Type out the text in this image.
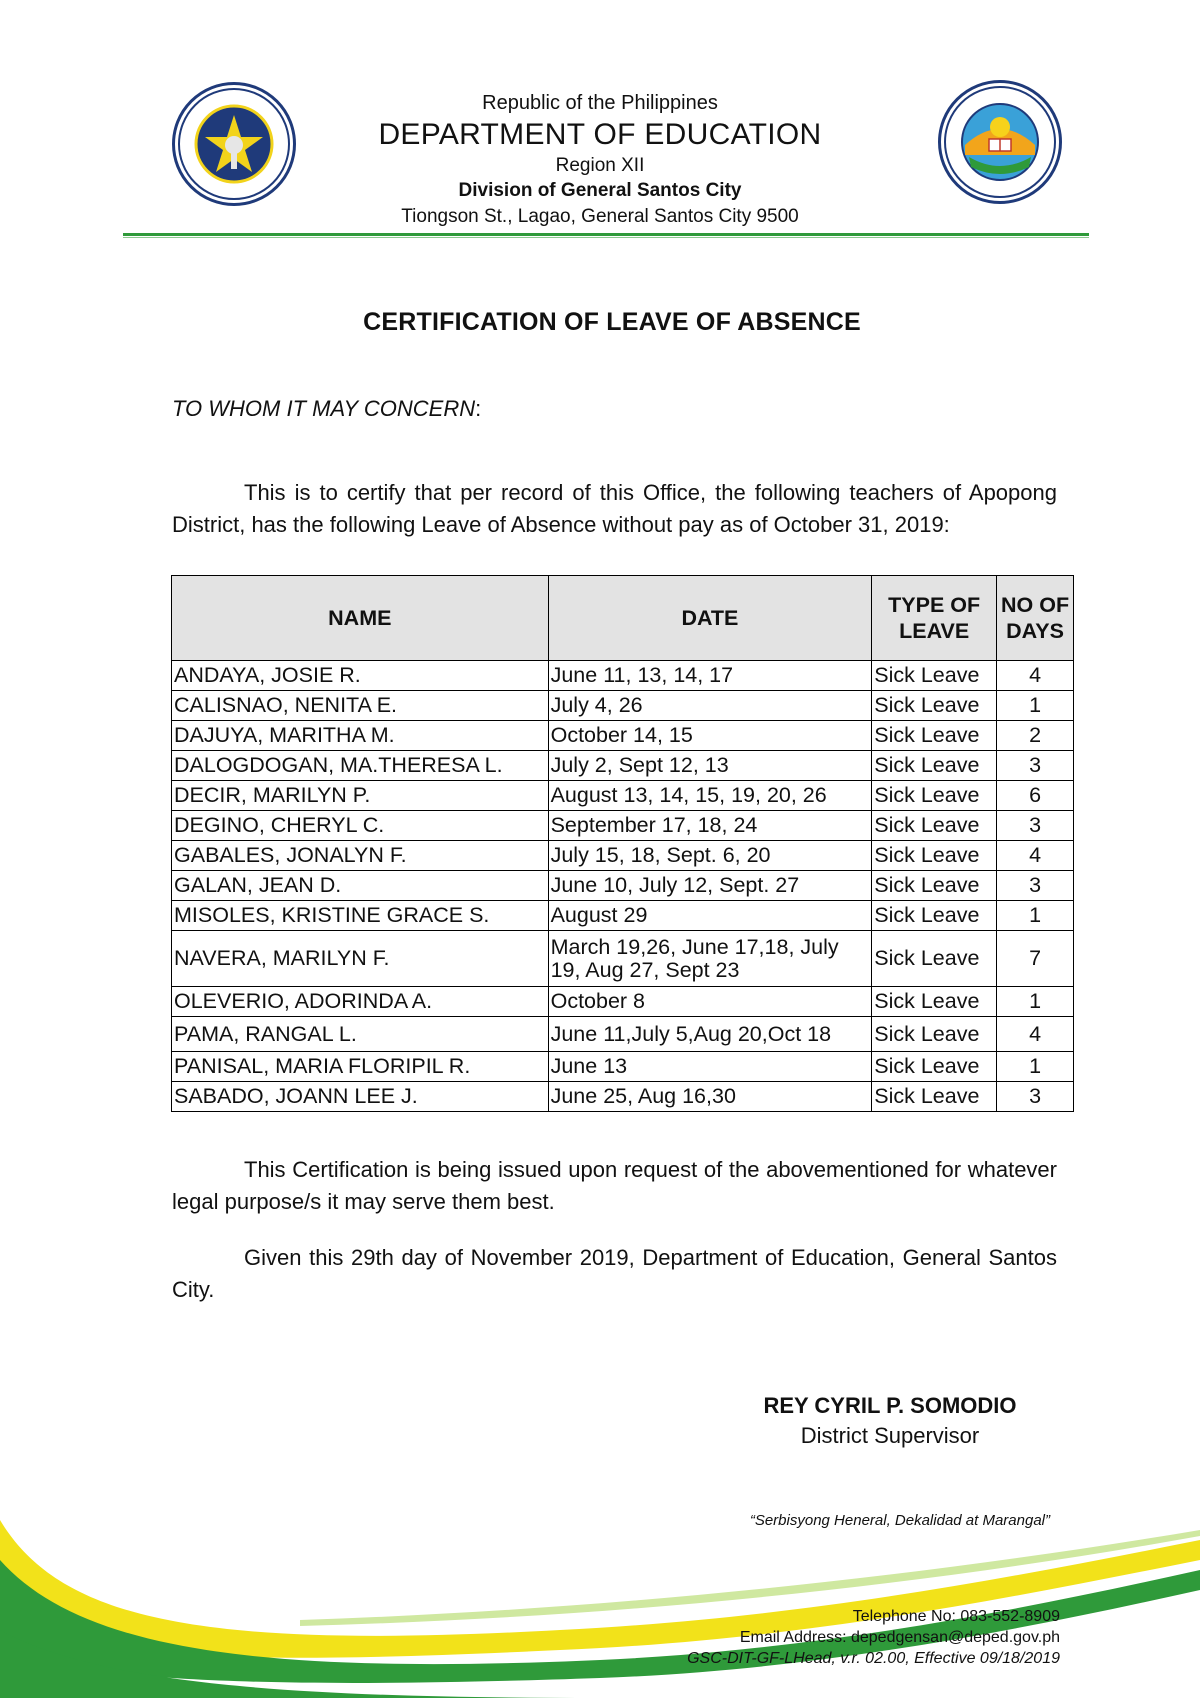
Republic of the Philippines
DEPARTMENT OF EDUCATION
Region XII
Division of General Santos City
Tiongson St., Lagao, General Santos City 9500
CERTIFICATION OF LEAVE OF ABSENCE
TO WHOM IT MAY CONCERN:
This is to certify that per record of this Office, the following teachers of Apopong District, has the following Leave of Absence without pay as of October 31, 2019:
NAME	DATE	TYPE OF LEAVE	NO OF DAYS
ANDAYA, JOSIE R.	June 11, 13, 14, 17	Sick Leave	4
CALISNAO, NENITA E.	July 4, 26	Sick Leave	1
DAJUYA, MARITHA M.	October 14, 15	Sick Leave	2
DALOGDOGAN, MA.THERESA L.	July 2, Sept 12, 13	Sick Leave	3
DECIR, MARILYN P.	August 13, 14, 15, 19, 20, 26	Sick Leave	6
DEGINO, CHERYL C.	September 17, 18, 24	Sick Leave	3
GABALES, JONALYN F.	July 15, 18, Sept. 6, 20	Sick Leave	4
GALAN, JEAN D.	June 10, July 12, Sept. 27	Sick Leave	3
MISOLES, KRISTINE GRACE S.	August 29	Sick Leave	1
NAVERA, MARILYN F.	March 19,26, June 17,18, July 19, Aug 27, Sept 23	Sick Leave	7
OLEVERIO, ADORINDA A.	October 8	Sick Leave	1
PAMA, RANGAL L.	June 11,July 5,Aug 20,Oct 18	Sick Leave	4
PANISAL, MARIA FLORIPIL R.	June 13	Sick Leave	1
SABADO, JOANN LEE J.	June 25, Aug 16,30	Sick Leave	3
This Certification is being issued upon request of the abovementioned for whatever legal purpose/s it may serve them best.
Given this 29th day of November 2019, Department of Education, General Santos City.
REY CYRIL P. SOMODIO
District Supervisor
“Serbisyong Heneral, Dekalidad at Marangal”
Telephone No: 083-552-8909
Email Address: depedgensan@deped.gov.ph
GSC-DIT-GF-LHead, v.r. 02.00, Effective 09/18/2019
